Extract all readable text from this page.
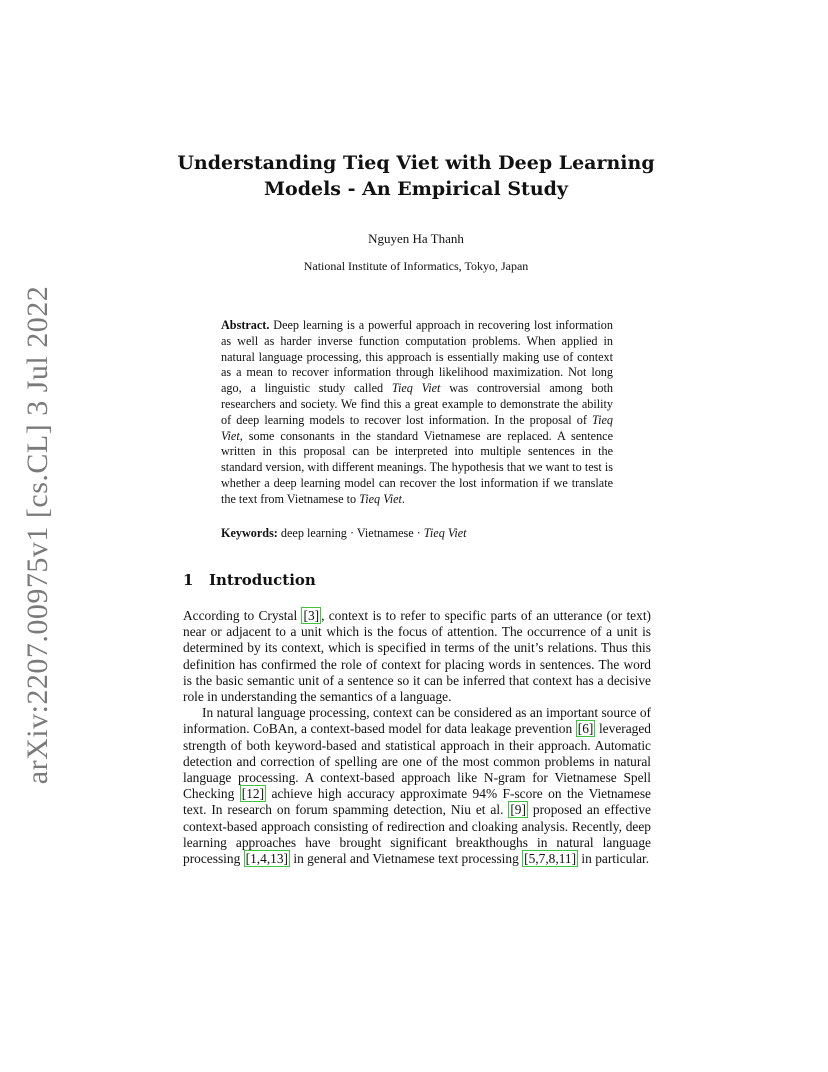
arXiv:2207.00975v1 [cs.CL] 3 Jul 2022
Understanding Tieq Viet with Deep Learning
Models - An Empirical Study
Nguyen Ha Thanh
National Institute of Informatics, Tokyo, Japan
Abstract. Deep learning is a powerful approach in recovering lost information as well as harder inverse function computation problems. When applied in natural language processing, this approach is essentially making use of context as a mean to recover information through likelihood maximization. Not long ago, a linguistic study called Tieq Viet was controversial among both researchers and society. We find this a great example to demonstrate the ability of deep learning models to recover lost information. In the proposal of Tieq Viet, some consonants in the standard Vietnamese are replaced. A sentence written in this proposal can be interpreted into multiple sentences in the standard version, with different meanings. The hypothesis that we want to test is whether a deep learning model can recover the lost information if we translate the text from Vietnamese to Tieq Viet.
Keywords: deep learning · Vietnamese · Tieq Viet
1 Introduction

According to Crystal [3] , context is to refer to specific parts of an utterance (or text) near or adjacent to a unit which is the focus of attention. The occurrence of a unit is determined by its context, which is specified in terms of the unit’s relations. Thus this definition has confirmed the role of context for placing words in sentences. The word is the basic semantic unit of a sentence so it can be inferred that context has a decisive role in understanding the semantics of a language.

In natural language processing, context can be considered as an important source of information. CoBAn, a context-based model for data leakage prevention [6] leveraged strength of both keyword-based and statistical approach in their approach. Automatic detection and correction of spelling are one of the most common problems in natural language processing. A context-based approach like N-gram for Vietnamese Spell Checking [12] achieve high accuracy approximate 94% F-score on the Vietnamese text. In research on forum spamming detection, Niu et al. [9] proposed an effective context-based approach consisting of redirection and cloaking analysis. Recently, deep learning approaches have brought significant breakthoughs in natural language processing [1,4,13] in general and Vietnamese text processing [5,7,8,11] in particular.
